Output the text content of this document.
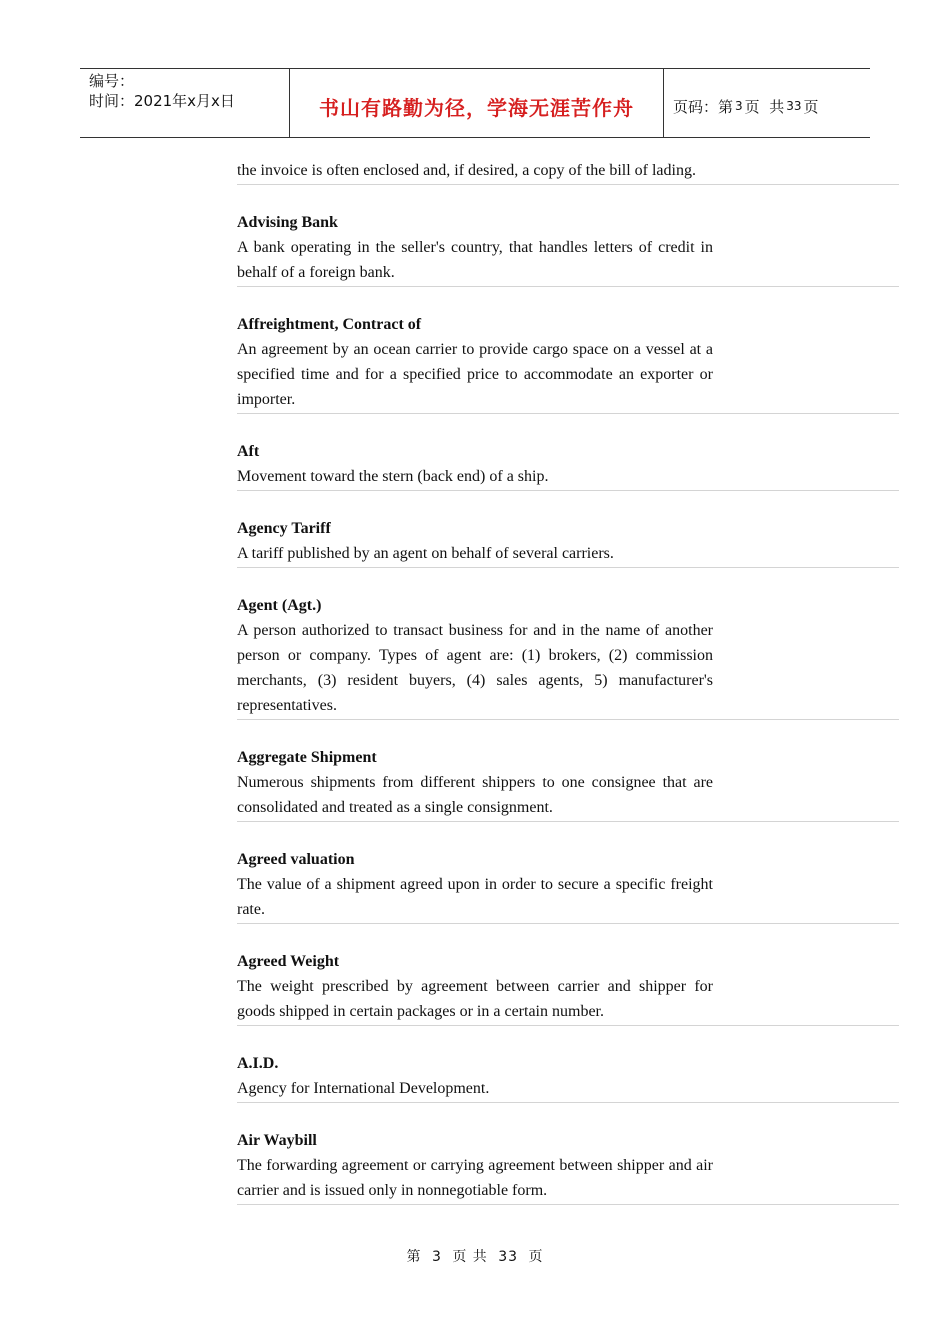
编号：
时间：2021年x月x日	书山有路勤为径，学海无涯苦作舟	页码：第 3 页  共 33 页
the invoice is often enclosed and, if desired, a copy of the bill of lading.
Advising Bank
A bank operating in the seller's country, that handles letters of credit in behalf of a foreign bank.
Affreightment, Contract of
An agreement by an ocean carrier to provide cargo space on a vessel at a specified time and for a specified price to accommodate an exporter or importer.
Aft
Movement toward the stern (back end) of a ship.
Agency Tariff
A tariff published by an agent on behalf of several carriers.
Agent (Agt.)
A person authorized to transact business for and in the name of another person or company. Types of agent are: (1) brokers, (2) commission merchants, (3) resident buyers, (4) sales agents, 5) manufacturer's representatives.
Aggregate Shipment
Numerous shipments from different shippers to one consignee that are consolidated and treated as a single consignment.
Agreed valuation
The value of a shipment agreed upon in order to secure a specific freight rate.
Agreed Weight
The weight prescribed by agreement between carrier and shipper for goods shipped in certain packages or in a certain number.
A.I.D.
Agency for International Development.
Air Waybill
The forwarding agreement or carrying agreement between shipper and air carrier and is issued only in nonnegotiable form.
第 3 页 共 33 页
